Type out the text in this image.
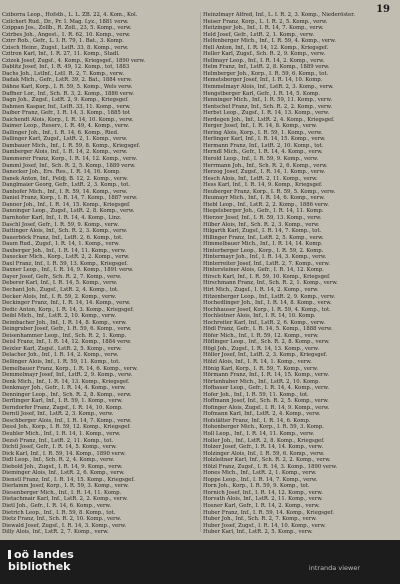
19

Cziborra Leop., Hofstb., L. L. ZB. 22, 4. Kom., Kol.

Czilchert Rud., Dr., Pr. I. Mag. Lyz., 1881 verw.

Czippan Jos., Zollb., R. Zoll., 23, 5. Komp., verw.

Czirbes Joh., Angest., 1. R. 62, 10. Komp., verw.

Czirr Rob., Gefr., L. I. R. 79, 1. Bat., 3. Komp.

Czisch Heinr., Zugsf., LstR. 33, 8. Komp., verw.

Czitron Karl, Inf., I. R. 27, 11. Komp., Stadl.

Czizek Josef, Zugsf., 4. Komp., Kriegsgef., 1890 verw.

Dablitz Josef, Inf., I. R. 49, 12. Komp., tot, 1883

Dachs Joh., LstInf., LstI. R. 2, 7. Komp., verw.

Dadak Mich., Gefr., LstR. 39, 2. Bat., 1884 verw.

Dähne Karl, Korp., I. R. 59, 5. Komp., Wels verw.

Daffner Lor., Inf., Sch. R. 3, 2. Komp., 1886 verw.

Dagn Joh., Zugsf., LstR. 2, 9. Komp., Kriegsgef.

Dahmen Kaspar, Inf., LstR. 33, 11. Komp., verw.

Daiber Franz, Gefr., I. R. 14, 3. Komp., 1885 tot

Daichendt Alois, Korp., I. R. 14, 10. Komp., verw.

Daimer Leop., Reserv., I. R. 49, 4. Komp., verw.

Dallinger Joh., Inf., I. R. 14, 6. Komp., Ried.

Dallinger Karl, Zugsf., LstR. 2, 1. Komp., verw.

Dambauer Mich., Inf., I. R. 59, 8. Komp., Kriegsgef.

Damberger Alois, Inf., I. R. 14, 2. Komp., verw.

Dammerer Franz, Korp., I. R. 14, 12. Komp., verw.

Damml Josef, Inf., Sch. R. 2, 5. Komp., 1889 verw.

Danecker Joh., Ers. Res., I. R. 14, 16. Komp.

Danek Anton, Inf., Feldj. B. 12, 2. Komp., verw.

Danglmaier Georg, Gefr., LstR. 2, 3. Komp., tot.

Danhofer Mich., Inf., I. R. 59, 14. Komp., verw.

Daniel Franz, Korp., I. R. 14, 7. Komp., 1887 verw.

Danner Joh., Inf., I. R. 14, 15. Komp., Kriegsgef.

Danninger Leop., Zugsf., LstR. 2, 8. Komp., verw.

Darnhofer Karl, Inf., I. R. 14, 4. Komp., Linz.

Daschl Josef, Gefr., I. R. 59, 9. Komp., verw.

Dattinger Alois, Inf., Sch. R. 2, 3. Komp., verw.

Dauerböck Franz, Inf., LstR. 2, 6. Komp., tot.

Daum Rud., Zugsf., I. R. 14, 1. Komp., verw.

Daxberger Joh., Inf., I. R. 14, 11. Komp., verw.

Daxecker Mich., Korp., LstR. 2, 2. Komp., verw.

Daxl Franz, Inf., I. R. 59, 13. Komp., Kriegsgef.

Daxner Leop., Inf., I. R. 14, 9. Komp., 1891 verw.

Dayer Josef, Gefr., Sch. R. 2, 7. Komp., verw.

Deberer Karl, Inf., I. R. 14, 5. Komp., verw.

Dechant Joh., Zugsf., LstR. 2, 4. Komp., tot.

Decker Alois, Inf., I. R. 59, 2. Komp., verw.

Deckinger Franz, Inf., I. R. 14, 14. Komp., verw.

Dedic Anton, Korp., I. R. 14, 3. Komp., Kriegsgef.

Deibl Mich., Inf., LstR. 2, 10. Komp., verw.

Deimbacher Joh., Inf., I. R. 14, 8. Komp., verw.

Deingruber Josef, Gefr., I. R. 59, 6. Komp., verw.

Deisenhammer Leop., Inf., Sch. R. 2, 1. Komp.

Deisl Franz, Inf., I. R. 14, 12. Komp., 1884 verw.

Deixler Karl, Zugsf., LstR. 2, 5. Komp., verw.

Delacher Joh., Inf., I. R. 14, 2. Komp., verw.

Dellinger Alois, Inf., I. R. 59, 11. Komp., tot.

Demelbauer Franz, Korp., I. R. 14, 6. Komp., verw.

Demmelmayr Josef, Inf., LstR. 2, 9. Komp., verw.

Denk Mich., Inf., I. R. 14, 13. Komp., Kriegsgef.

Denkmayr Joh., Gefr., I. R. 14, 4. Komp., verw.

Denninger Leop., Inf., Sch. R. 2, 8. Komp., verw.

Derflinger Karl, Inf., I. R. 59, 1. Komp., verw.

Derndorfer Franz, Zugsf., I. R. 14, 10. Komp.

Derntl Josef, Inf., LstR. 2, 3. Komp., verw.

Deschberger Alois, Inf., I. R. 14, 7. Komp., verw.

Dessl Joh., Korp., I. R. 59, 12. Komp., Kriegsgef.

Deubler Mich., Inf., I. R. 14, 1. Komp., verw.

Dezsö Franz, Inf., LstR. 2, 11. Komp., tot.

Dichtl Josef, Gefr., I. R. 14, 5. Komp., verw.

Dick Karl, Inf., I. R. 59, 14. Komp., 1890 verw.

Didl Leop., Inf., Sch. R. 2, 4. Komp., verw.

Diebold Joh., Zugsf., I. R. 14, 9. Komp., verw.

Dieminger Alois, Inf., LstR. 2, 6. Komp., verw.

Dienstl Franz, Inf., I. R. 14, 15. Komp., Kriegsgef.

Dierlamm Josef, Korp., I. R. 59, 3. Komp., verw.

Diesenberger Mich., Inf., I. R. 14, 11. Komp.

Dietachmair Karl, Inf., LstR. 2, 2. Komp., verw.

Dietl Joh., Gefr., I. R. 14, 6. Komp., verw.

Dietrich Leop., Inf., I. R. 59, 8. Komp., tot.

Dietz Franz, Inf., Sch. R. 2, 10. Komp., verw.

Diewald Josef, Zugsf., I. R. 14, 3. Komp., verw.

Dilly Alois, Inf., LstR. 2, 7. Komp., verw.

Heinzlmayr Alfred, Inf., L. I. R. 2, 3. Komp., Niederöster.

Heiser Franz, Korp., L. I. R. 2, 5. Komp., verw.

Heitzinger Joh., Inf., I. R. 14, 7. Komp., verw.

Held Josef, Gefr., LstR. 2, 1. Komp., verw.

Helfenberger Mich., Inf., I. R. 59, 4. Komp., verw.

Hell Anton, Inf., I. R. 14, 12. Komp., Kriegsgef.

Heller Karl, Zugsf., Sch. R. 2, 9. Komp., verw.

Hellmayr Leop., Inf., I. R. 14, 2. Komp., verw.

Helm Franz, Inf., LstR. 2, 8. Komp., 1889 verw.

Helmberger Joh., Korp., I. R. 59, 6. Komp., tot.

Hemetsberger Josef, Inf., I. R. 14, 10. Komp.

Hemmelmayr Alois, Inf., LstR. 2, 3. Komp., verw.

Hengstberger Karl, Gefr., I. R. 14, 5. Komp.

Henninger Mich., Inf., I. R. 59, 11. Komp., verw.

Hentschel Franz, Inf., Sch. R. 2, 2. Komp., verw.

Herbst Leop., Zugsf., I. R. 14, 13. Komp., verw.

Herdegen Joh., Inf., LstR. 2, 4. Komp., Kriegsgef.

Herger Josef, Inf., I. R. 14, 8. Komp., verw.

Hering Alois, Korp., I. R. 59, 1. Komp., verw.

Herlinger Karl, Inf., I. R. 14, 15. Komp., verw.

Hermann Franz, Inf., LstR. 2, 10. Komp., tot.

Herndl Mich., Gefr., I. R. 14, 4. Komp., verw.

Herold Leop., Inf., I. R. 59, 9. Komp., verw.

Herrmann Joh., Inf., Sch. R. 2, 6. Komp., verw.

Herzog Josef, Zugsf., I. R. 14, 1. Komp., verw.

Hesch Alois, Inf., LstR. 2, 11. Komp., verw.

Hess Karl, Inf., I. R. 14, 9. Komp., Kriegsgef.

Heuberger Franz, Korp., I. R. 59, 5. Komp., verw.

Heumayr Mich., Inf., I. R. 14, 6. Komp., verw.

Hiebl Leop., Inf., LstR. 2, 2. Komp., 1886 verw.

Hiegelsberger Joh., Gefr., I. R. 14, 11. Komp.

Hierzer Josef, Inf., I. R. 59, 13. Komp., verw.

Hilber Alois, Inf., Sch. R. 2, 3. Komp., verw.

Hilgarth Karl, Zugsf., I. R. 14, 7. Komp., tot.

Hillinger Franz, Inf., LstR. 2, 5. Komp., verw.

Himmelbauer Mich., Inf., I. R. 14, 14. Komp.

Hinterberger Leop., Korp., I. R. 59, 2. Komp.

Hintermayr Joh., Inf., I. R. 14, 3. Komp., verw.

Hinterreiter Josef, Inf., LstR. 2, 7. Komp., verw.

Hintersteiner Alois, Gefr., I. R. 14, 12. Komp.

Hirsch Karl, Inf., I. R. 59, 10. Komp., Kriegsgef.

Hirschmann Franz, Inf., Sch. R. 2, 1. Komp., verw.

Hirt Mich., Zugsf., I. R. 14, 2. Komp., verw.

Hitzenberger Leop., Inf., LstR. 2, 9. Komp., verw.

Hochedlinger Joh., Inf., I. R. 14, 8. Komp., verw.

Hochhauser Josef, Korp., I. R. 59, 4. Komp., tot.

Hochleitner Alois, Inf., I. R. 14, 10. Komp.

Hochreiter Karl, Inf., LstR. 2, 6. Komp., verw.

Hödl Franz, Gefr., I. R. 14, 5. Komp., 1888 verw.

Höfer Mich., Inf., I. R. 59, 12. Komp., verw.

Höflinger Leop., Inf., Sch. R. 2, 8. Komp., verw.

Högl Joh., Zugsf., I. R. 14, 13. Komp., verw.

Höller Josef, Inf., LstR. 2, 3. Komp., Kriegsgef.

Hölzl Alois, Inf., I. R. 14, 1. Komp., verw.

Hönig Karl, Korp., I. R. 59, 7. Komp., verw.

Hörmann Franz, Inf., I. R. 14, 15. Komp., verw.

Hörtenhuber Mich., Inf., LstR. 2, 10. Komp.

Hofbauer Leop., Gefr., I. R. 14, 4. Komp., verw.

Hofer Joh., Inf., I. R. 59, 11. Komp., tot.

Hoffmann Josef, Inf., Sch. R. 2, 5. Komp., verw.

Hofinger Alois, Zugsf., I. R. 14, 9. Komp., verw.

Hofmann Karl, Inf., LstR. 2, 4. Komp., verw.

Hofstätter Franz, Inf., I. R. 14, 6. Komp.

Hohenberger Mich., Korp., I. R. 59, 3. Komp.

Holl Leop., Inf., I. R. 14, 11. Komp., verw.

Holler Joh., Inf., LstR. 2, 8. Komp., Kriegsgef.

Holzer Josef, Gefr., I. R. 14, 14. Komp., verw.

Holzinger Alois, Inf., I. R. 59, 6. Komp., verw.

Holzleitner Karl, Inf., Sch. R. 2, 2. Komp., verw.

Hölzl Franz, Zugsf., I. R. 14, 3. Komp., 1890 verw.

Hones Mich., Inf., LstR. 2, 1. Komp., verw.

Hoppe Leop., Inf., I. R. 14, 7. Komp., verw.

Horn Joh., Korp., I. R. 59, 9. Komp., tot.

Hornich Josef, Inf., I. R. 14, 12. Komp., verw.

Horvath Alois, Inf., LstR. 2, 11. Komp., verw.

Hosner Karl, Gefr., I. R. 14, 2. Komp., verw.

Huber Franz, Inf., I. R. 59, 14. Komp., Kriegsgef.

Huber Joh., Inf., Sch. R. 2, 7. Komp., verw.

Huber Josef, Zugsf., I. R. 14, 10. Komp., verw.

Huber Karl, Inf., LstR. 2, 5. Komp., verw.

oö landes
bibliothek	intranda viewer
